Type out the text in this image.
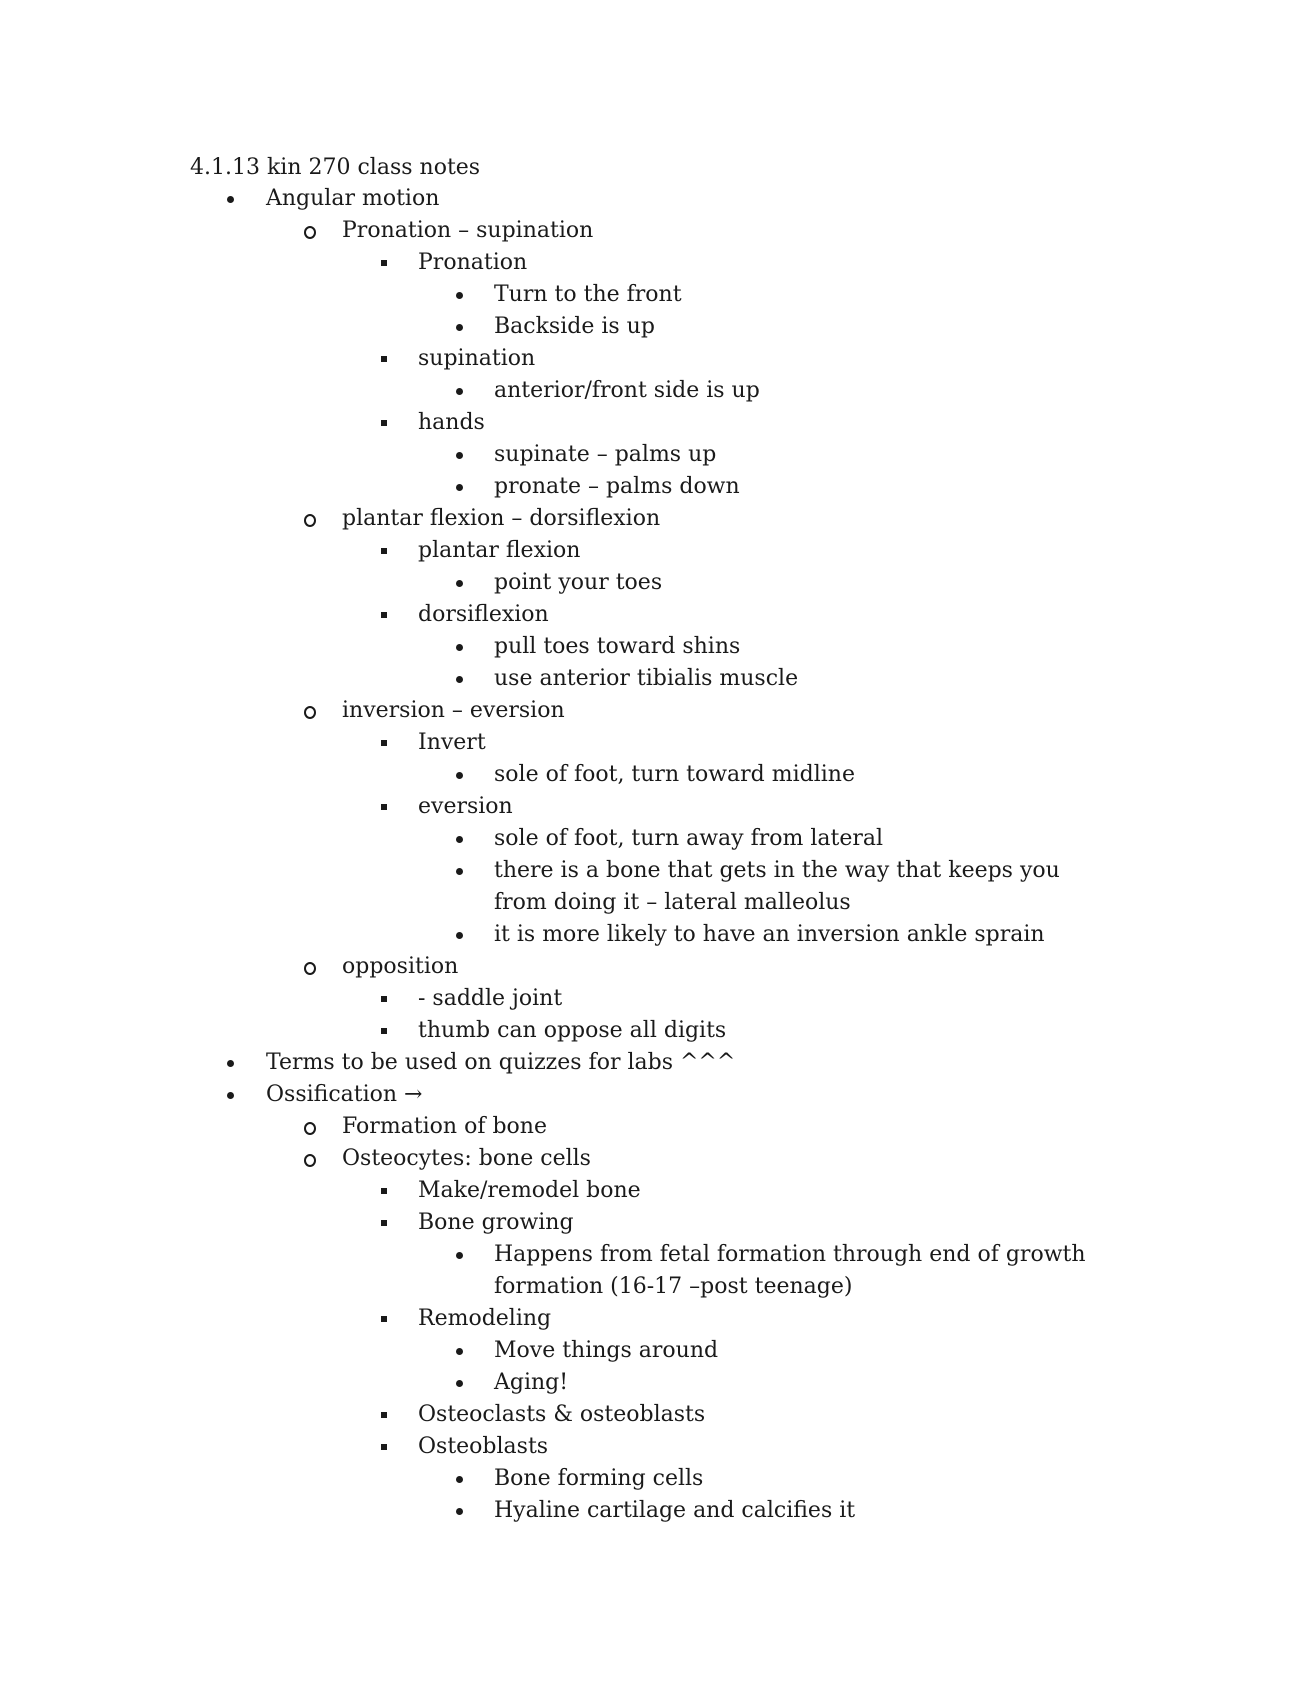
4.1.13 kin 270 class notes
Angular motion
Pronation – supination
Pronation
Turn to the front
Backside is up
supination
anterior/front side is up
hands
supinate – palms up
pronate – palms down
plantar flexion – dorsiflexion
plantar flexion
point your toes
dorsiflexion
pull toes toward shins
use anterior tibialis muscle
inversion – eversion
Invert
sole of foot, turn toward midline
eversion
sole of foot, turn away from lateral
there is a bone that gets in the way that keeps you from doing it – lateral malleolus
it is more likely to have an inversion ankle sprain
opposition
- saddle joint
thumb can oppose all digits
Terms to be used on quizzes for labs ^^^
Ossification →
Formation of bone
Osteocytes: bone cells
Make/remodel bone
Bone growing
Happens from fetal formation through end of growth formation (16-17 –post teenage)
Remodeling
Move things around
Aging!
Osteoclasts & osteoblasts
Osteoblasts
Bone forming cells
Hyaline cartilage and calcifies it
